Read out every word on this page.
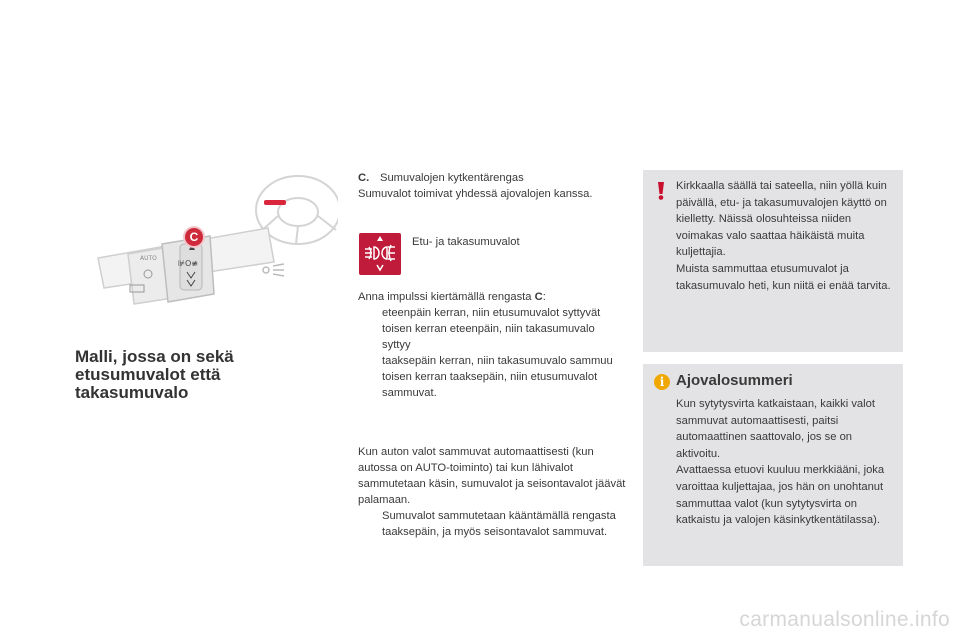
⊯O≢
AUTO
C
Malli, jossa on sekä etusumuvalot että takasumuvalo
C. Sumuvalojen kytkentärengas
Sumuvalot toimivat yhdessä ajovalojen kanssa.
Etu- ja takasumuvalot
Anna impulssi kiertämällä rengasta C:
eteenpäin kerran, niin etusumuvalot syttyvät
toisen kerran eteenpäin, niin takasumuvalo syttyy
taaksepäin kerran, niin takasumuvalo sammuu
toisen kerran taaksepäin, niin etusumuvalot sammuvat.
Kun auton valot sammuvat automaattisesti (kun autossa on AUTO-toiminto) tai kun lähivalot sammutetaan käsin, sumuvalot ja seisontavalot jäävät palamaan.
Sumuvalot sammutetaan kääntämällä rengasta taaksepäin, ja myös seisontavalot sammuvat.
Kirkkaalla säällä tai sateella, niin yöllä kuin päivällä, etu- ja takasumuvalojen käyttö on kielletty. Näissä olosuhteissa niiden voimakas valo saattaa häikäistä muita kuljettajia.
Muista sammuttaa etusumuvalot ja takasumuvalo heti, kun niitä ei enää tarvita.
i Ajovalosummeri
Kun sytytysvirta katkaistaan, kaikki valot sammuvat automaattisesti, paitsi automaattinen saattovalo, jos se on aktivoitu.
Avattaessa etuovi kuuluu merkkiääni, joka varoittaa kuljettajaa, jos hän on unohtanut sammuttaa valot (kun sytytysvirta on katkaistu ja valojen käsinkytkentätilassa).
carmanualsonline.info
